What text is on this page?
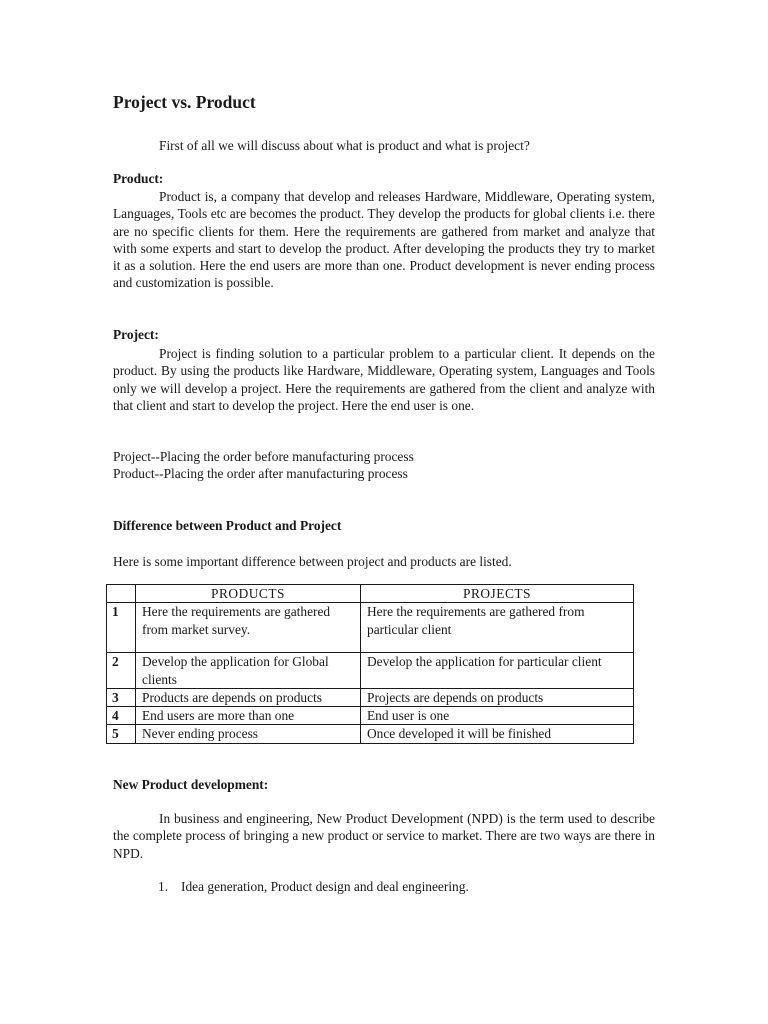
Project vs. Product

First of all we will discuss about what is product and what is project?

Product:

Product is, a company that develop and releases Hardware, Middleware, Operating system, Languages, Tools etc are becomes the product. They develop the products for global clients i.e. there are no specific clients for them. Here the requirements are gathered from market and analyze that with some experts and start to develop the product. After developing the products they try to market it as a solution. Here the end users are more than one. Product development is never ending process and customization is possible.

Project:

Project is finding solution to a particular problem to a particular client. It depends on the product. By using the products like Hardware, Middleware, Operating system, Languages and Tools only we will develop a project. Here the requirements are gathered from the client and analyze with that client and start to develop the project. Here the end user is one.

Project--Placing the order before manufacturing process

Product--Placing the order after manufacturing process

Difference between Product and Project

Here is some important difference between project and products are listed.

	PRODUCTS	PROJECTS
1	Here the requirements are gathered from market survey.	Here the requirements are gathered from particular client
2	Develop the application for Global clients	Develop the application for particular client
3	Products are depends on products	Projects are depends on products
4	End users are more than one	End user is one
5	Never ending process	Once developed it will be finished

New Product development:

In business and engineering, New Product Development (NPD) is the term used to describe the complete process of bringing a new product or service to market. There are two ways are there in NPD.

1. Idea generation, Product design and deal engineering.
